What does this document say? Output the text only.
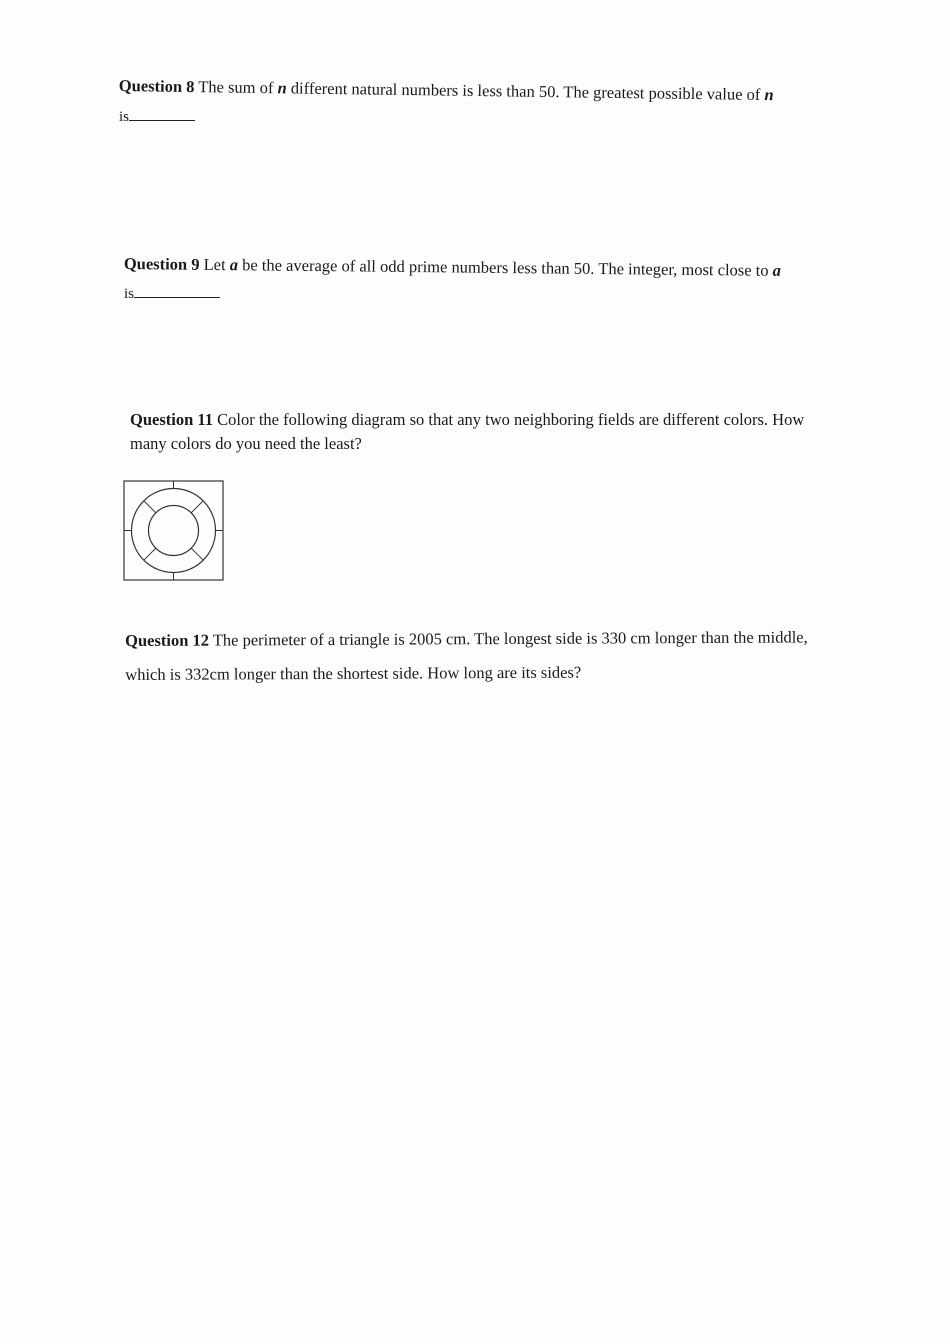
Question 8 The sum of n different natural numbers is less than 50. The greatest possible value of n
is
Question 9 Let a be the average of all odd prime numbers less than 50. The integer, most close to a
is
Question 11 Color the following diagram so that any two neighboring fields are different colors. How many colors do you need the least?
Question 12 The perimeter of a triangle is 2005 cm. The longest side is 330 cm longer than the middle, which is 332cm longer than the shortest side. How long are its sides?
